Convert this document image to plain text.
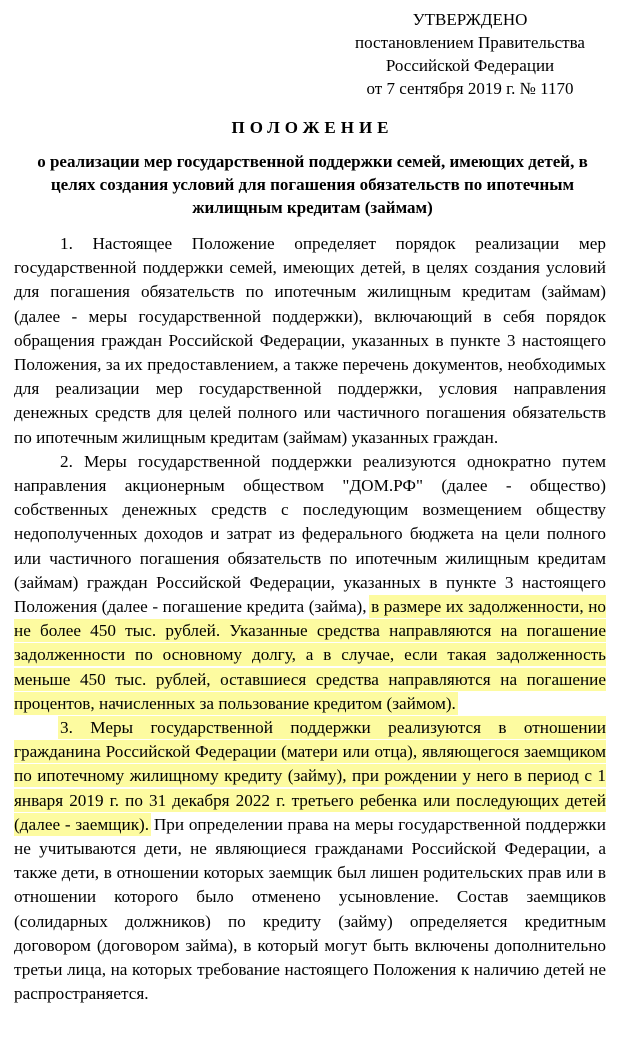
УТВЕРЖДЕНО
постановлением Правительства
Российской Федерации
от 7 сентября 2019 г. № 1170
ПОЛОЖЕНИЕ
о реализации мер государственной поддержки семей, имеющих детей, в целях создания условий для погашения обязательств по ипотечным жилищным кредитам (займам)

1. Настоящее Положение определяет порядок реализации мер государственной поддержки семей, имеющих детей, в целях создания условий для погашения обязательств по ипотечным жилищным кредитам (займам) (далее - меры государственной поддержки), включающий в себя порядок обращения граждан Российской Федерации, указанных в пункте 3 настоящего Положения, за их предоставлением, а также перечень документов, необходимых для реализации мер государственной поддержки, условия направления денежных средств для целей полного или частичного погашения обязательств по ипотечным жилищным кредитам (займам) указанных граждан.

2. Меры государственной поддержки реализуются однократно путем направления акционерным обществом "ДОМ.РФ" (далее - общество) собственных денежных средств с последующим возмещением обществу недополученных доходов и затрат из федерального бюджета на цели полного или частичного погашения обязательств по ипотечным жилищным кредитам (займам) граждан Российской Федерации, указанных в пункте 3 настоящего Положения (далее - погашение кредита (займа), в размере их задолженности, но не более 450 тыс. рублей. Указанные средства направляются на погашение задолженности по основному долгу, а в случае, если такая задолженность меньше 450 тыс. рублей, оставшиеся средства направляются на погашение процентов, начисленных за пользование кредитом (займом).

3. Меры государственной поддержки реализуются в отношении гражданина Российской Федерации (матери или отца), являющегося заемщиком по ипотечному жилищному кредиту (займу), при рождении у него в период с 1 января 2019 г. по 31 декабря 2022 г. третьего ребенка или последующих детей (далее - заемщик). При определении права на меры государственной поддержки не учитываются дети, не являющиеся гражданами Российской Федерации, а также дети, в отношении которых заемщик был лишен родительских прав или в отношении которого было отменено усыновление. Состав заемщиков (солидарных должников) по кредиту (займу) определяется кредитным договором (договором займа), в который могут быть включены дополнительно третьи лица, на которых требование настоящего Положения к наличию детей не распространяется.
